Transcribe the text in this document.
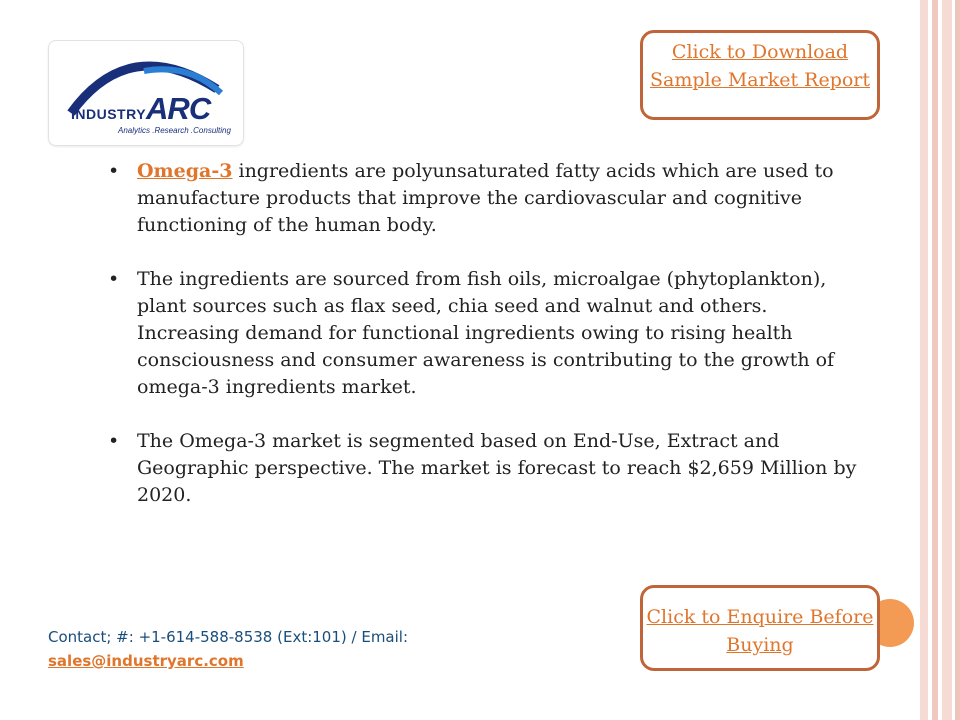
INDUSTRYARC
Analytics .Research .Consulting
Click to Download Sample Market Report
• Omega-3 ingredients are polyunsaturated fatty acids which are used to manufacture products that improve the cardiovascular and cognitive functioning of the human body.
• The ingredients are sourced from fish oils, microalgae (phytoplankton), plant sources such as flax seed, chia seed and walnut and others. Increasing demand for functional ingredients owing to rising health consciousness and consumer awareness is contributing to the growth of omega-3 ingredients market.
• The Omega-3 market is segmented based on End-Use, Extract and Geographic perspective. The market is forecast to reach $2,659 Million by 2020.
Click to Enquire Before Buying
Contact; #: +1-614-588-8538 (Ext:101) / Email:
sales@industryarc.com
